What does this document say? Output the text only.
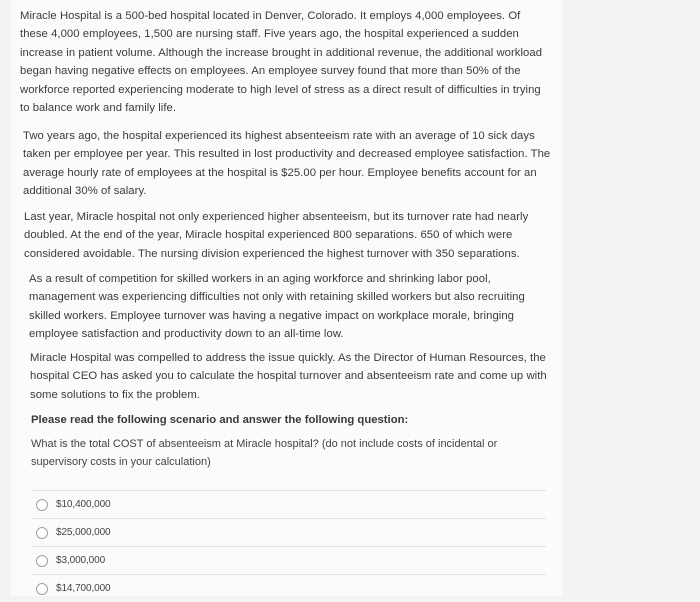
Miracle Hospital is a 500-bed hospital located in Denver, Colorado. It employs 4,000 employees. Of these 4,000 employees, 1,500 are nursing staff. Five years ago, the hospital experienced a sudden increase in patient volume. Although the increase brought in additional revenue, the additional workload began having negative effects on employees. An employee survey found that more than 50% of the workforce reported experiencing moderate to high level of stress as a direct result of difficulties in trying to balance work and family life.
Two years ago, the hospital experienced its highest absenteeism rate with an average of 10 sick days taken per employee per year. This resulted in lost productivity and decreased employee satisfaction. The average hourly rate of employees at the hospital is $25.00 per hour. Employee benefits account for an additional 30% of salary.
Last year, Miracle hospital not only experienced higher absenteeism, but its turnover rate had nearly doubled. At the end of the year, Miracle hospital experienced 800 separations. 650 of which were considered avoidable. The nursing division experienced the highest turnover with 350 separations.
As a result of competition for skilled workers in an aging workforce and shrinking labor pool, management was experiencing difficulties not only with retaining skilled workers but also recruiting skilled workers. Employee turnover was having a negative impact on workplace morale, bringing employee satisfaction and productivity down to an all-time low.
Miracle Hospital was compelled to address the issue quickly. As the Director of Human Resources, the hospital CEO has asked you to calculate the hospital turnover and absenteeism rate and come up with some solutions to fix the problem.
Please read the following scenario and answer the following question:
What is the total COST of absenteeism at Miracle hospital? (do not include costs of incidental or supervisory costs in your calculation)
$10,400,000
$25,000,000
$3,000,000
$14,700,000
